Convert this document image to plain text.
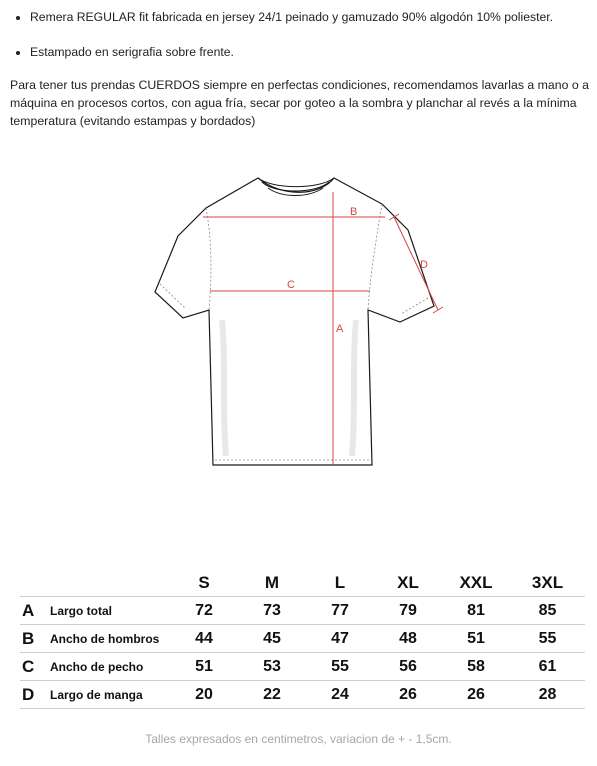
Remera REGULAR fit fabricada en jersey 24/1 peinado y gamuzado 90% algodón 10% poliester.
Estampado en serigrafia sobre frente.

Para tener tus prendas CUERDOS siempre en perfectas condiciones, recomendamos lavarlas a mano o a máquina en procesos cortos, con agua fría, secar por goteo a la sombra y planchar al revés a la mínima temperatura (evitando estampas y bordados)

B
C
A
D
		S	M	L	XL	XXL	3XL
A	Largo total	72	73	77	79	81	85
B	Ancho de hombros	44	45	47	48	51	55
C	Ancho de pecho	51	53	55	56	58	61
D	Largo de manga	20	22	24	26	26	28

Talles expresados en centimetros, variacion de + - 1,5cm.
